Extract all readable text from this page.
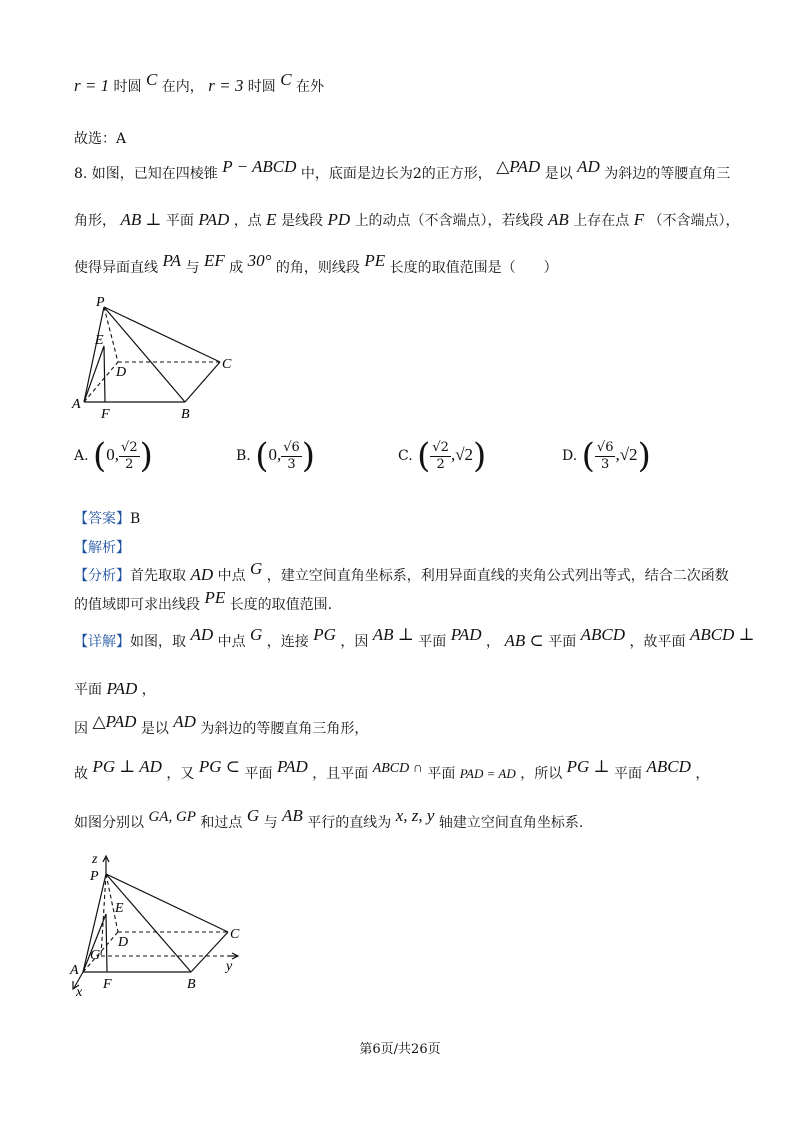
r = 1 时圆 C 在内， r = 3 时圆 C 在外
故选：A
8. 如图，已知在四棱锥 P − ABCD 中，底面是边长为2的正方形， △PAD 是以 AD 为斜边的等腰直角三
角形， AB ⊥ 平面 PAD ，点 E 是线段 PD 上的动点（不含端点），若线段 AB 上存在点 F （不含端点），
使得异面直线 PA 与 EF 成 30° 的角，则线段 PE 长度的取值范围是（　　）
P
E
D
C
A
F	B
A. (0, $\frac{√2}{2}$ )	B. (0, $\frac{√6}{3}$ )	C. ( $\frac{√2}{2} ,√2$)	D. ( $\frac{√6}{3} ,√2$)
【答案】B
【解析】
【分析】首先取取 AD 中点 G ，建立空间直角坐标系，利用异面直线的夹角公式列出等式，结合二次函数
的值域即可求出线段 PE 长度的取值范围.
【详解】如图，取 AD 中点 G ，连接 PG ，因 AB ⊥ 平面 PAD ， AB ⊂ 平面 ABCD ，故平面 ABCD ⊥
平面 PAD ，
因 △PAD 是以 AD 为斜边的等腰直角三角形，
故 PG ⊥ AD ，又 PG ⊂ 平面 PAD ，且平面 ABCD ∩ 平面 PAD = AD ，所以 PG ⊥ 平面 ABCD ，
如图分别以 GA, GP 和过点 G 与 AB 平行的直线为 x, z, y 轴建立空间直角坐标系.
z
P
E
D
C
G
y
A
x
F	B
第6页/共26页
